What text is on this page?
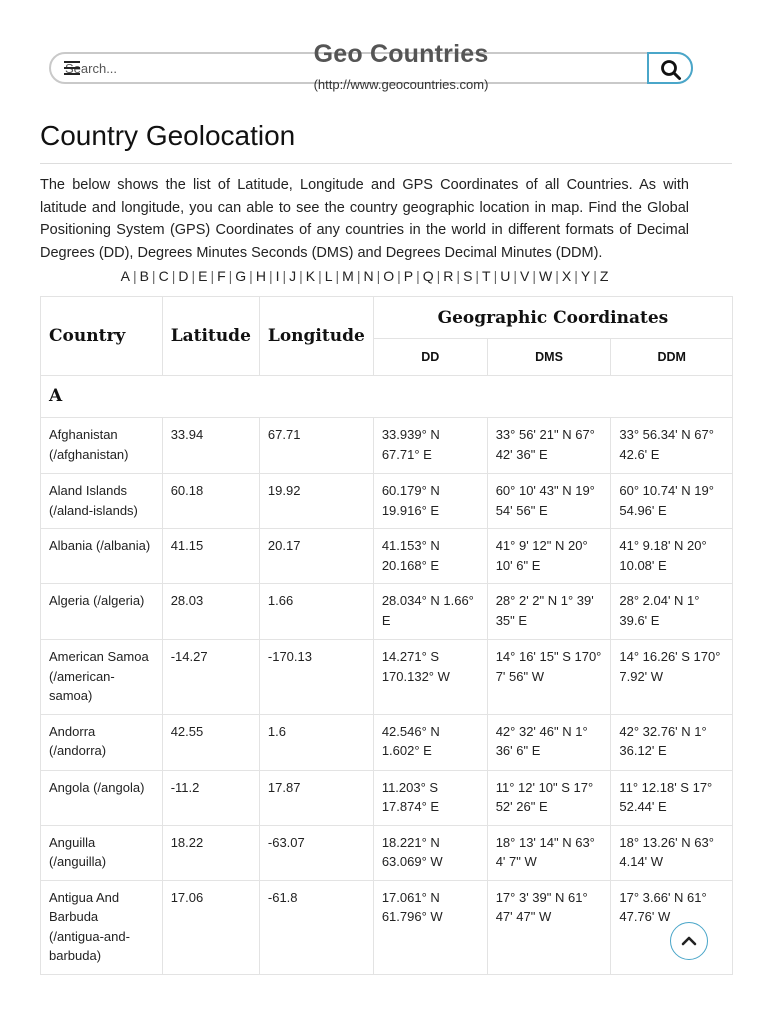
Search...
Geo Countries
(http://www.geocountries.com)
Country Geolocation

The below shows the list of Latitude, Longitude and GPS Coordinates of all Countries. As with latitude and longitude, you can able to see the country geographic location in map. Find the Global Positioning System (GPS) Coordinates of any countries in the world in different formats of Decimal Degrees (DD), Degrees Minutes Seconds (DMS) and Degrees Decimal Minutes (DDM).

A | B | C | D | E | F | G | H | I | J | K | L | M | N | O | P | Q | R | S | T | U | V | W | X | Y | Z
Country	Latitude	Longitude	Geographic Coordinates		
			DD	DMS	DDM
A					
Afghanistan (/afghanistan)	33.94	67.71	33.939° N 67.71° E	33° 56' 21" N 67° 42' 36" E	33° 56.34' N 67° 42.6' E
Aland Islands (/aland-islands)	60.18	19.92	60.179° N 19.916° E	60° 10' 43" N 19° 54' 56" E	60° 10.74' N 19° 54.96' E
Albania (/albania)	41.15	20.17	41.153° N 20.168° E	41° 9' 12" N 20° 10' 6" E	41° 9.18' N 20° 10.08' E
Algeria (/algeria)	28.03	1.66	28.034° N 1.66° E	28° 2' 2" N 1° 39' 35" E	28° 2.04' N 1° 39.6' E
American Samoa (/american-samoa)	-14.27	-170.13	14.271° S 170.132° W	14° 16' 15" S 170° 7' 56" W	14° 16.26' S 170° 7.92' W
Andorra (/andorra)	42.55	1.6	42.546° N 1.602° E	42° 32' 46" N 1° 36' 6" E	42° 32.76' N 1° 36.12' E
Angola (/angola)	-11.2	17.87	11.203° S 17.874° E	11° 12' 10" S 17° 52' 26" E	11° 12.18' S 17° 52.44' E
Anguilla (/anguilla)	18.22	-63.07	18.221° N 63.069° W	18° 13' 14" N 63° 4' 7" W	18° 13.26' N 63° 4.14' W
Antigua And Barbuda (/antigua-and-barbuda)	17.06	-61.8	17.061° N 61.796° W	17° 3' 39" N 61° 47' 47" W	17° 3.66' N 61° 47.76' W
